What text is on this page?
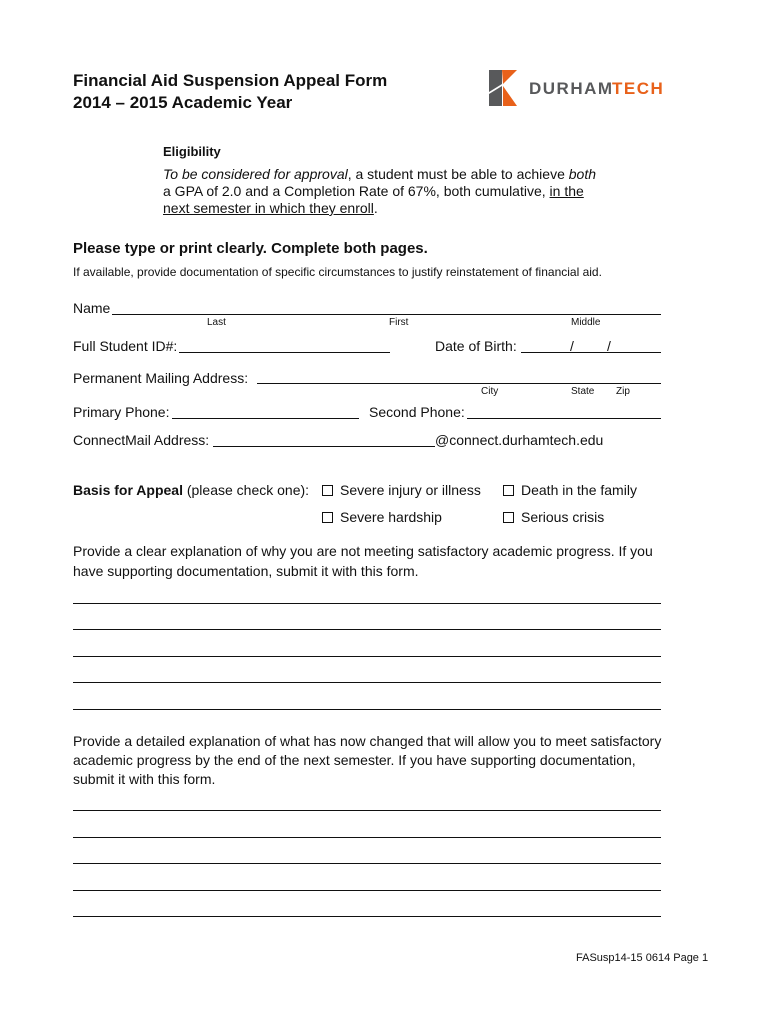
Financial Aid Suspension Appeal Form
2014 – 2015 Academic Year
DURHAM
TECH
Eligibility
To be considered for approval, a student must be able to achieve both
a GPA of 2.0 and a Completion Rate of 67%, both cumulative, in the
next semester in which they enroll.
Please type or print clearly. Complete both pages.
If available, provide documentation of specific circumstances to justify reinstatement of financial aid.
Name
Last	First	Middle
Full Student ID#:	Date of Birth:	/ /
Permanent Mailing Address:
City	State Zip
Primary Phone:	Second Phone:
ConnectMail Address:	@connect.durhamtech.edu
Basis for Appeal (please check one):	Severe injury or illness	Death in the family
Severe hardship	Serious crisis
Provide a clear explanation of why you are not meeting satisfactory academic progress. If you
have supporting documentation, submit it with this form.
Provide a detailed explanation of what has now changed that will allow you to meet satisfactory
academic progress by the end of the next semester. If you have supporting documentation,
submit it with this form.
FASusp14-15 0614 Page 1
